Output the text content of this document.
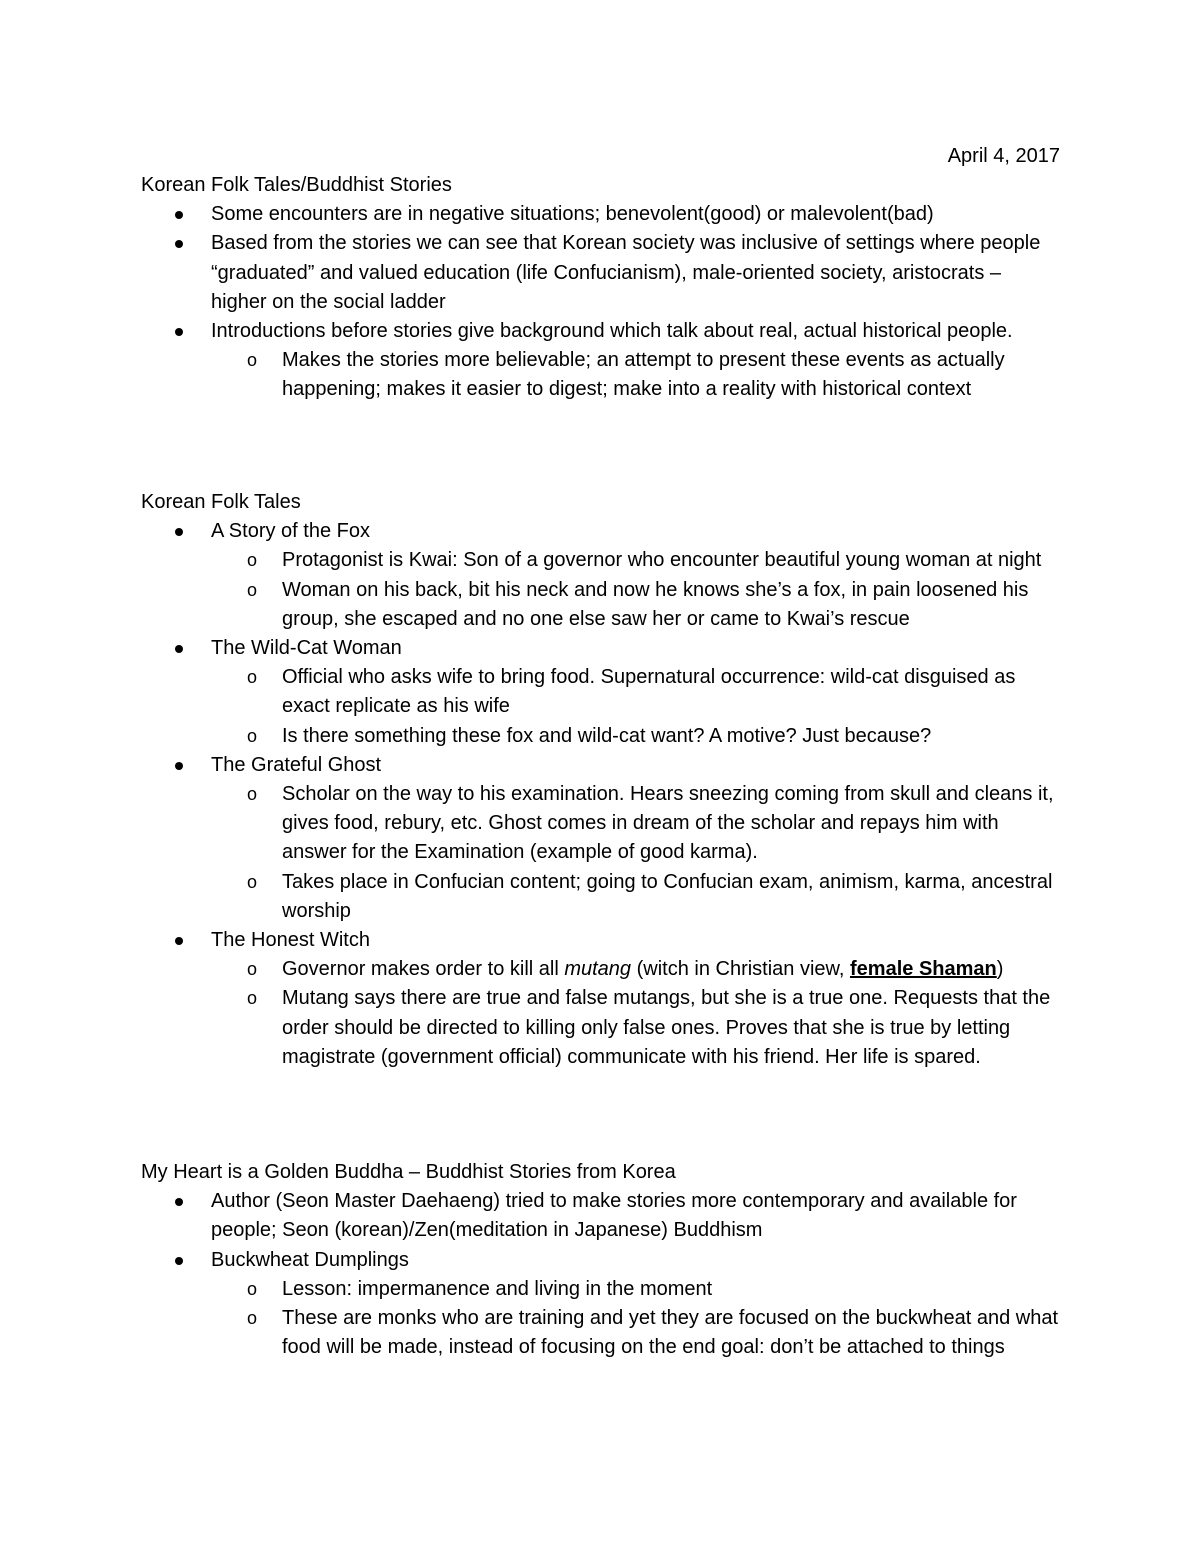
April 4, 2017
Korean Folk Tales/Buddhist Stories
Some encounters are in negative situations; benevolent(good) or malevolent(bad)
Based from the stories we can see that Korean society was inclusive of settings where people “graduated” and valued education (life Confucianism), male-oriented society, aristocrats – higher on the social ladder
Introductions before stories give background which talk about real, actual historical people.
o Makes the stories more believable; an attempt to present these events as actually happening; makes it easier to digest; make into a reality with historical context
Korean Folk Tales
A Story of the Fox
o Protagonist is Kwai: Son of a governor who encounter beautiful young woman at night
o Woman on his back, bit his neck and now he knows she’s a fox, in pain loosened his group, she escaped and no one else saw her or came to Kwai’s rescue
The Wild-Cat Woman
o Official who asks wife to bring food. Supernatural occurrence: wild-cat disguised as exact replicate as his wife
o Is there something these fox and wild-cat want? A motive? Just because?
The Grateful Ghost
o Scholar on the way to his examination. Hears sneezing coming from skull and cleans it, gives food, rebury, etc. Ghost comes in dream of the scholar and repays him with answer for the Examination (example of good karma).
o Takes place in Confucian content; going to Confucian exam, animism, karma, ancestral worship
The Honest Witch
o Governor makes order to kill all mutang (witch in Christian view, female Shaman)
o Mutang says there are true and false mutangs, but she is a true one. Requests that the order should be directed to killing only false ones. Proves that she is true by letting magistrate (government official) communicate with his friend. Her life is spared.
My Heart is a Golden Buddha – Buddhist Stories from Korea
Author (Seon Master Daehaeng) tried to make stories more contemporary and available for people; Seon (korean)/Zen(meditation in Japanese) Buddhism
Buckwheat Dumplings
o Lesson: impermanence and living in the moment
o These are monks who are training and yet they are focused on the buckwheat and what food will be made, instead of focusing on the end goal: don’t be attached to things
